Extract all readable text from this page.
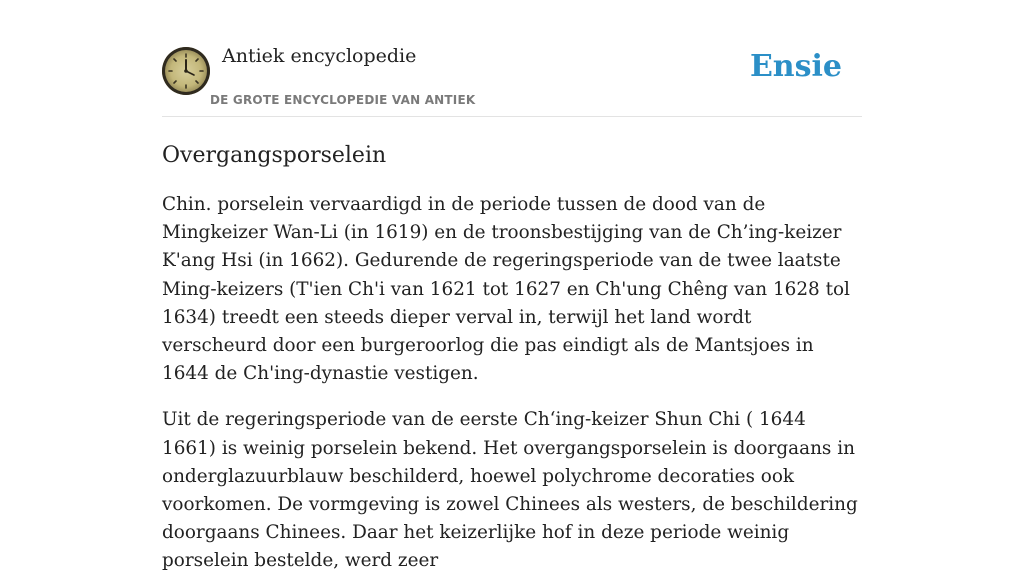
Antiek encyclopedie
DE GROTE ENCYCLOPEDIE VAN ANTIEK
Ensie
Overgangsporselein

Chin. porselein vervaardigd in de periode tussen de dood van de Mingkeizer Wan-Li (in 1619) en de troonsbestijging van de Ch’ing-keizer K'ang Hsi (in 1662). Gedurende de regeringsperiode van de twee laatste Ming-keizers (T'ien Ch'i van 1621 tot 1627 en Ch'ung Chêng van 1628 tol 1634) treedt een steeds dieper verval in, terwijl het land wordt verscheurd door een burgeroorlog die pas eindigt als de Mantsjoes in 1644 de Ch'ing-dynastie vestigen.

Uit de regeringsperiode van de eerste Ch‘ing-keizer Shun Chi ( 1644 1661) is weinig porselein bekend. Het overgangsporselein is doorgaans in onderglazuurblauw beschilderd, hoewel polychrome decoraties ook voorkomen. De vormgeving is zowel Chinees als westers, de beschildering doorgaans Chinees. Daar het keizerlijke hof in deze periode weinig porselein bestelde, werd zeer
